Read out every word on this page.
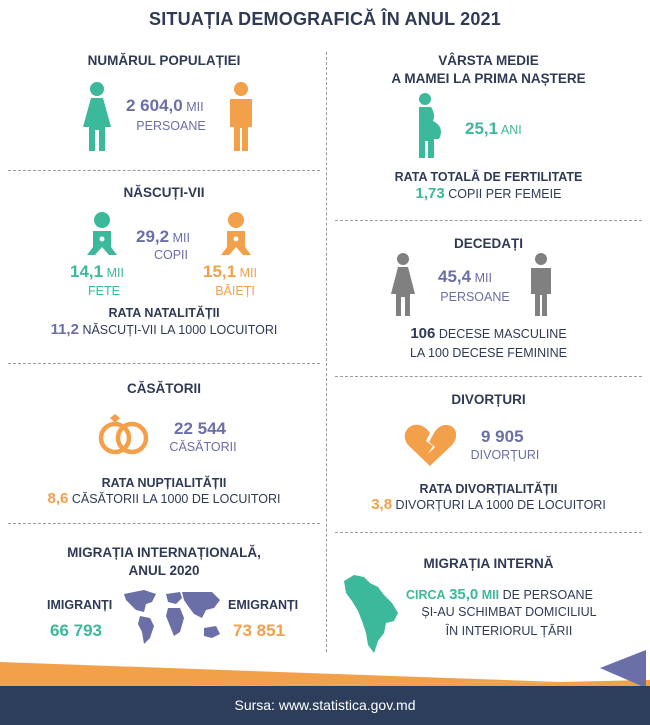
SITUAȚIA DEMOGRAFICĂ ÎN ANUL 2021
NUMĂRUL POPULAȚIEI
2 604,0 MII
PERSOANE
VÂRSTA MEDIE
A MAMEI LA PRIMA NAȘTERE
25,1 ANI
RATA TOTALĂ DE FERTILITATE
1,73 COPII PER FEMEIE
NĂSCUȚI-VII
29,2 MII
COPII
14,1 MII
FETE
15,1 MII
BĂIEȚI
RATA NATALITĂȚII
11,2 NĂSCUȚI-VII LA 1000 LOCUITORI
DECEDAȚI
45,4 MII
PERSOANE
106 DECESE MASCULINE
LA 100 DECESE FEMININE
CĂSĂTORII
22 544
CĂSĂTORII
RATA NUPȚIALITĂȚII
8,6 CĂSĂTORII LA 1000 DE LOCUITORI
DIVORȚURI
9 905
DIVORȚURI
RATA DIVORȚIALITĂȚII
3,8 DIVORȚURI LA 1000 DE LOCUITORI
MIGRAȚIA INTERNAȚIONALĂ,
ANUL 2020
IMIGRANȚI
66 793
EMIGRANȚI
73 851
MIGRAȚIA INTERNĂ
CIRCA 35,0 MII DE PERSOANE
ȘI-AU SCHIMBAT DOMICILIUL
ÎN INTERIORUL ȚĂRII
Sursa: www.statistica.gov.md
